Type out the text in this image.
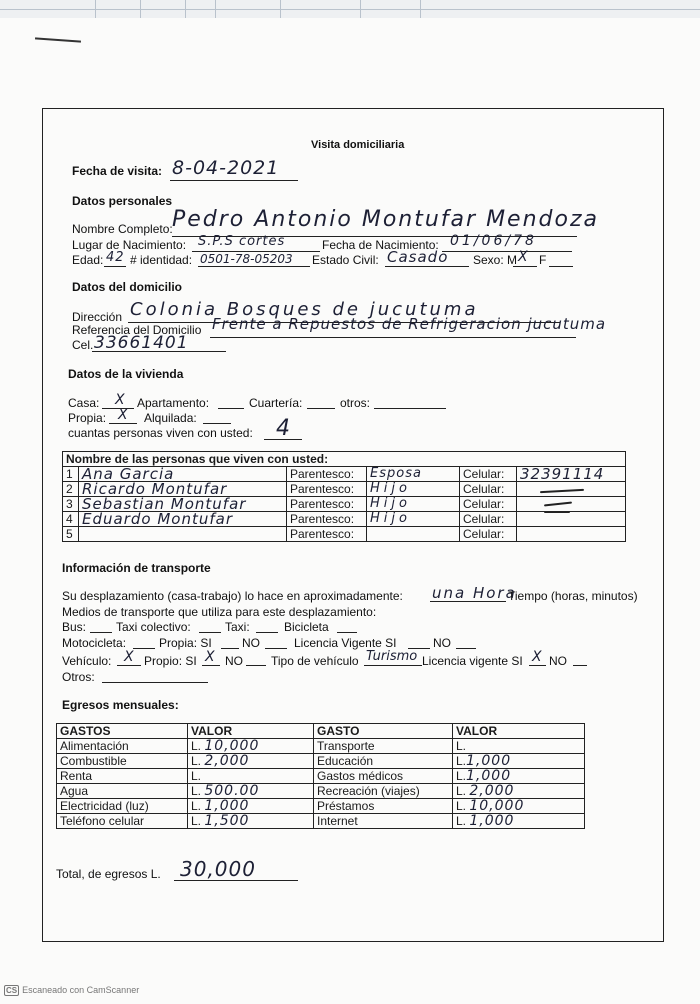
Visita domiciliaria
Fecha de visita: 8-04-2021
Datos personales
Nombre Completo: Pedro Antonio Montufar Mendoza
Lugar de Nacimiento: S.P.S cortes	Fecha de Nacimiento: 01/06/78
Edad: 42 # identidad: 0501-78-05203 Estado Civil: Casado Sexo: M X F
Datos del domicilio
Dirección Colonia Bosques de jucutuma
Referencia del Domicilio Frente a Repuestos de Refrigeracion jucutuma
Cel. 33661401
Datos de la vivienda
Casa: X Apartamento:	Cuartería:	otros:
Propia: X Alquilada:
cuantas personas viven con usted: 4
Nombre de las personas que viven con usted:					
1	Ana Garcia	Parentesco:	Esposa	Celular:	32391114
2	Ricardo Montufar	Parentesco:	Hijo	Celular:	
3	Sebastian Montufar	Parentesco:	Hijo	Celular:	
4	Eduardo Montufar	Parentesco:	Hijo	Celular:	
5		Parentesco:		Celular:	
Información de transporte
Su desplazamiento (casa-trabajo) lo hace en aproximadamente: una Hora
Tiempo (horas, minutos)
Medios de transporte que utiliza para este desplazamiento:
Bus: Taxi colectivo:	Taxi:	Bicicleta
Motocicleta:	Propia: SI	NO	Licencia Vigente SI	NO
Vehículo: X Propio: SI X NO Tipo de vehículo Turismo Licencia vigente SI X NO
Otros:
Egresos mensuales:
GASTOS	VALOR	GASTO	VALOR
Alimentación	L. 10,000	Transporte	L.
Combustible	L. 2,000	Educación	L.1,000
Renta	L.	Gastos médicos	L.1,000
Agua	L. 500.00	Recreación (viajes)	L. 2,000
Electricidad (luz)	L. 1,000	Préstamos	L. 10,000
Teléfono celular	L. 1,500	Internet	L. 1,000
Total, de egresos L. 30,000
CS Escaneado con CamScanner
